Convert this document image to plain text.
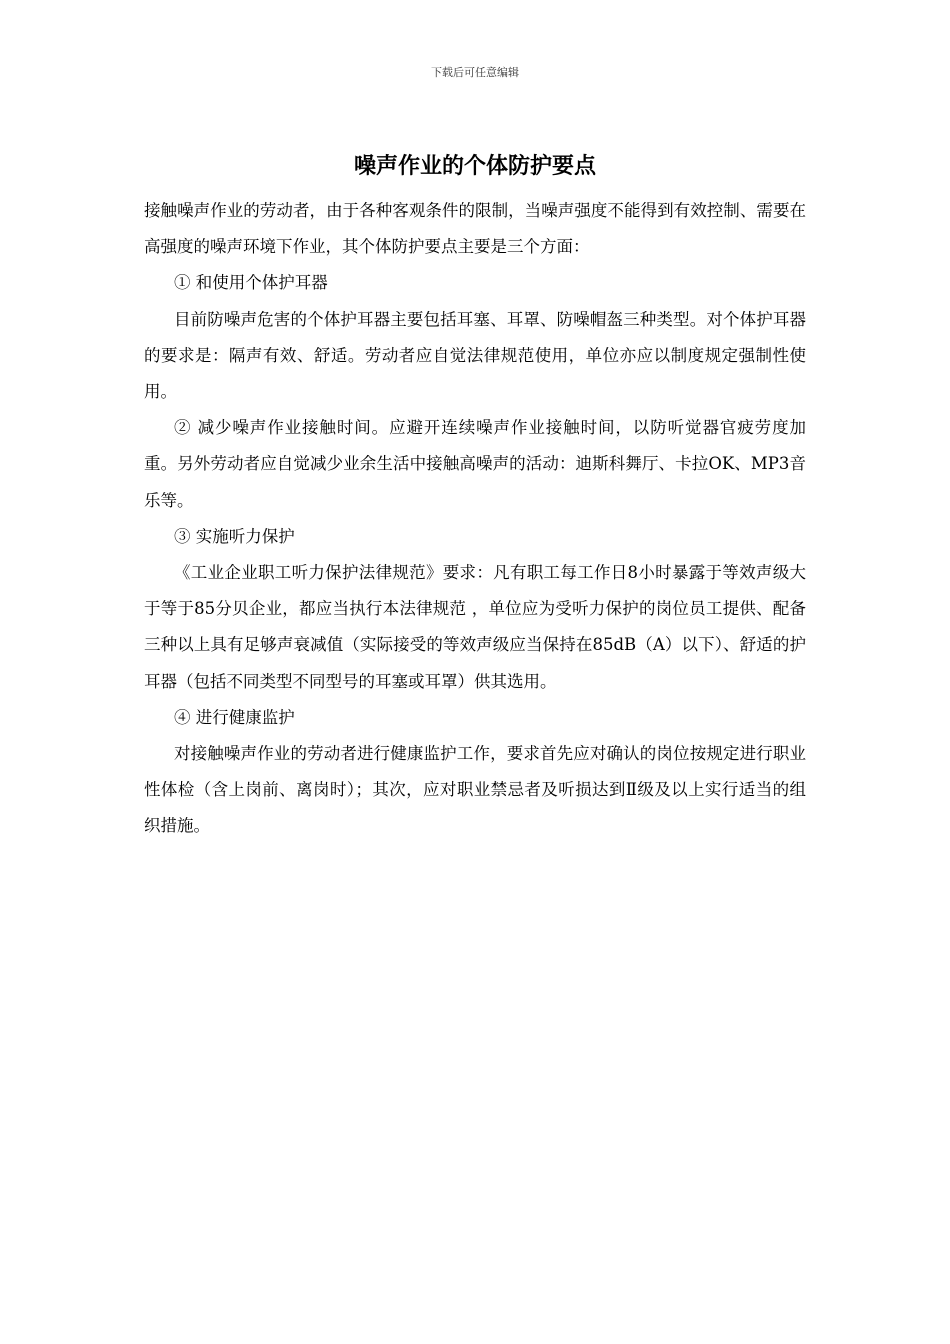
下载后可任意编辑
噪声作业的个体防护要点

接触噪声作业的劳动者，由于各种客观条件的限制，当噪声强度不能得到有效控制、需要在高强度的噪声环境下作业，其个体防护要点主要是三个方面：

① 和使用个体护耳器

目前防噪声危害的个体护耳器主要包括耳塞、耳罩、防噪帽盔三种类型。对个体护耳器的要求是：隔声有效、舒适。劳动者应自觉法律规范使用，单位亦应以制度规定强制性使用。

② 减少噪声作业接触时间。应避开连续噪声作业接触时间，以防听觉器官疲劳度加重。另外劳动者应自觉减少业余生活中接触高噪声的活动：迪斯科舞厅、卡拉OK、MP3音乐等。

③ 实施听力保护

《工业企业职工听力保护法律规范》要求：凡有职工每工作日8小时暴露于等效声级大于等于85分贝企业，都应当执行本法律规范 ，单位应为受听力保护的岗位员工提供、配备三种以上具有足够声衰减值（实际接受的等效声级应当保持在85dB（A）以下）、舒适的护耳器（包括不同类型不同型号的耳塞或耳罩）供其选用。

④ 进行健康监护

对接触噪声作业的劳动者进行健康监护工作，要求首先应对确认的岗位按规定进行职业性体检（含上岗前、离岗时）；其次，应对职业禁忌者及听损达到Ⅱ级及以上实行适当的组织措施。
